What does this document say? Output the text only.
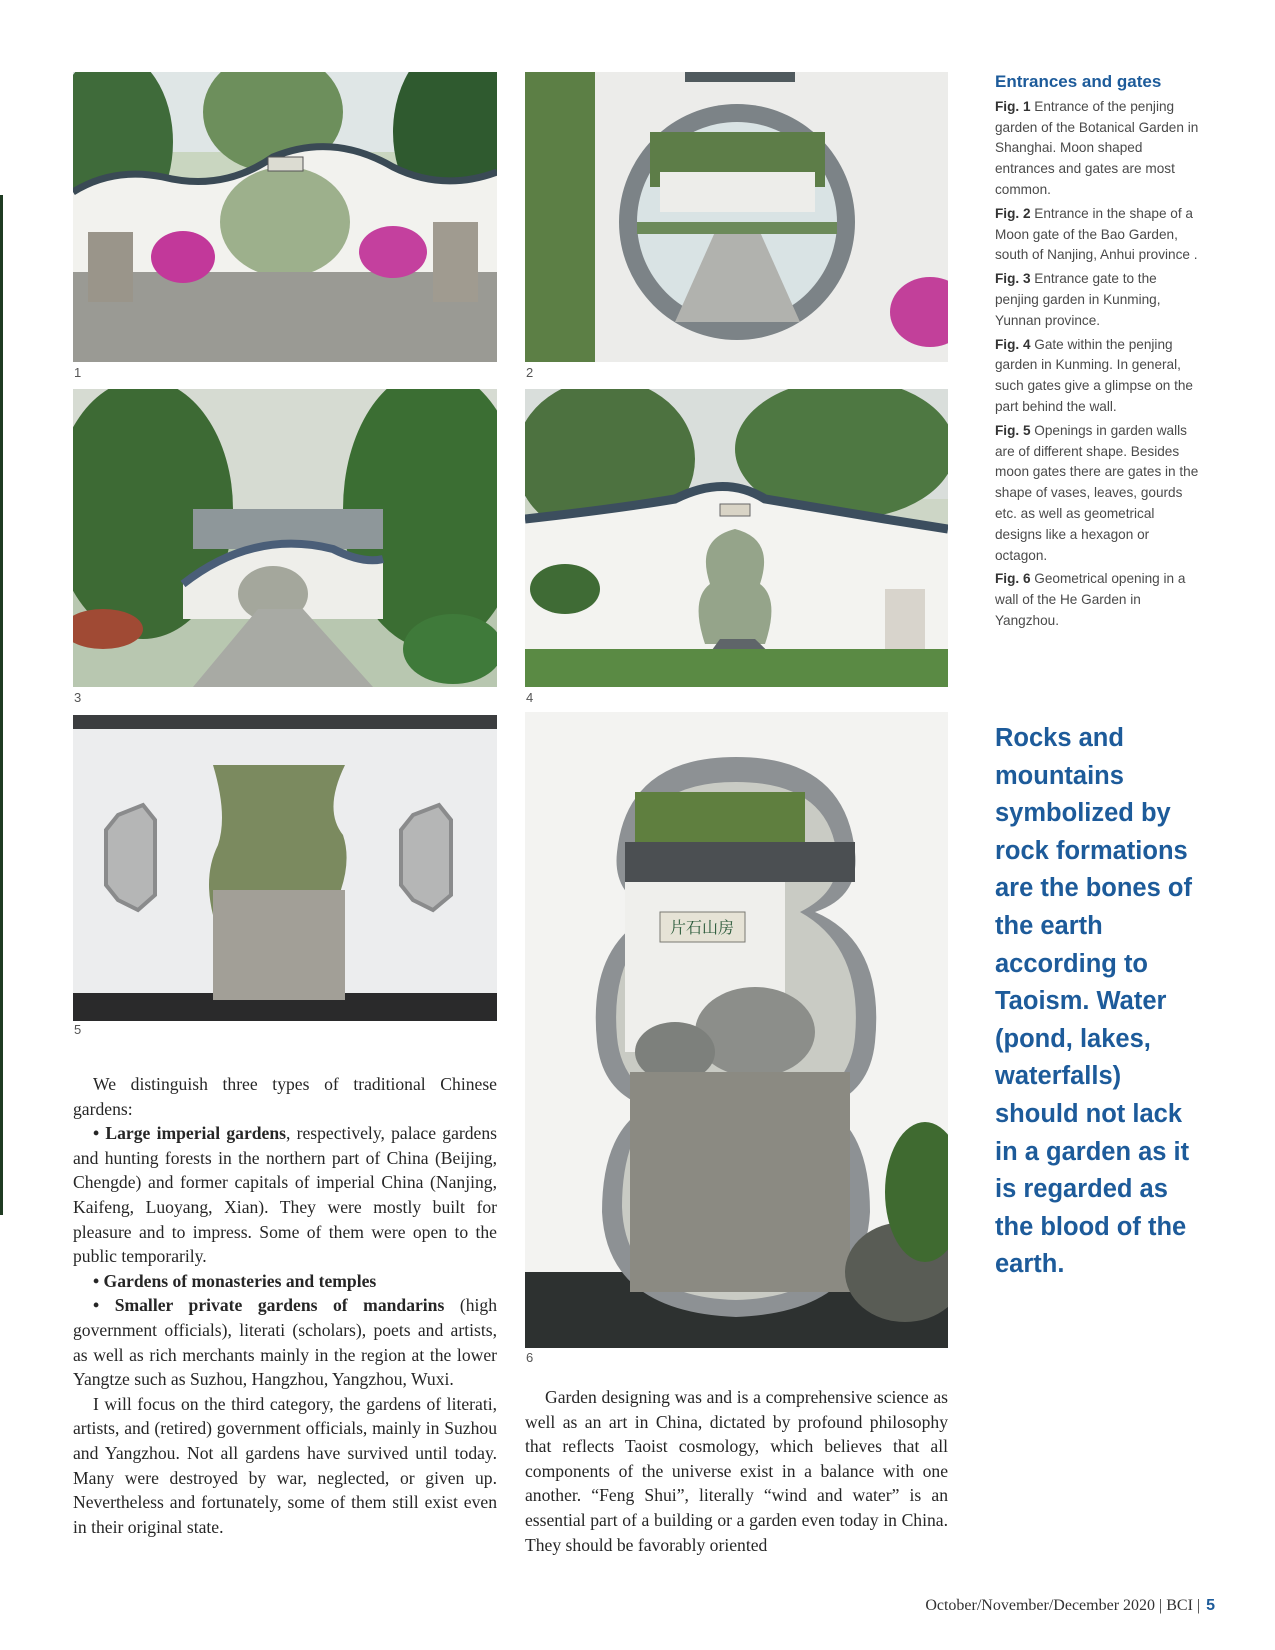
1	2
3	4
5
片石山房
6
Entrances and gates

Fig. 1 Entrance of the penjing garden of the Botanical Garden in Shanghai. Moon shaped entrances and gates are most common.

Fig. 2 Entrance in the shape of a Moon gate of the Bao Garden, south of Nanjing, Anhui province .

Fig. 3 Entrance gate to the penjing garden in Kunming, Yunnan province.

Fig. 4 Gate within the penjing garden in Kunming. In general, such gates give a glimpse on the part behind the wall.

Fig. 5 Openings in garden walls are of different shape. Besides moon gates there are gates in the shape of vases, leaves, gourds etc. as well as geometrical designs like a hexagon or octagon.

Fig. 6 Geometrical opening in a wall of the He Garden in Yangzhou.

Rocks and mountains symbolized by rock formations are the bones of the earth according to Taoism. Water (pond, lakes, waterfalls) should not lack in a garden as it is regarded as the blood of the earth.

We distinguish three types of traditional Chinese gardens:

• Large imperial gardens, respectively, palace gardens and hunting forests in the northern part of China (Beijing, Chengde) and former capitals of imperial China (Nanjing, Kaifeng, Luoyang, Xian). They were mostly built for pleasure and to impress. Some of them were open to the public temporarily.

• Gardens of monasteries and temples

• Smaller private gardens of mandarins (high government officials), literati (scholars), poets and artists, as well as rich merchants mainly in the region at the lower Yangtze such as Suzhou, Hangzhou, Yangzhou, Wuxi.

I will focus on the third category, the gardens of literati, artists, and (retired) government officials, mainly in Suzhou and Yangzhou. Not all gardens have survived until today. Many were destroyed by war, neglected, or given up. Nevertheless and fortunately, some of them still exist even in their original state.

Garden designing was and is a comprehensive science as well as an art in China, dictated by profound philosophy that reflects Taoist cosmology, which believes that all components of the universe exist in a balance with one another. “Feng Shui”, literally “wind and water” is an essential part of a building or a garden even today in China. They should be favorably oriented

October/November/December 2020 | BCI | 5
